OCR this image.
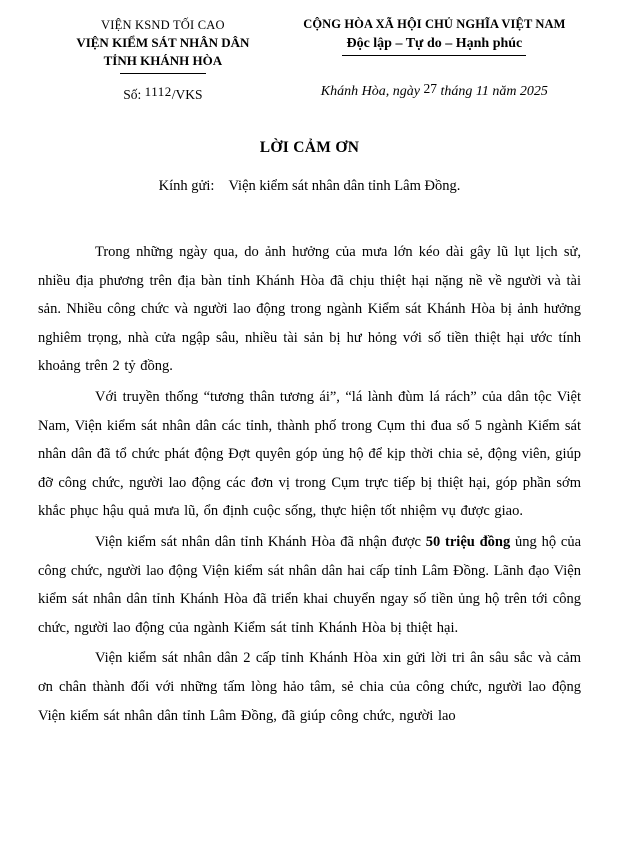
VIỆN KSND TỐI CAO
VIỆN KIỂM SÁT NHÂN DÂN
TỈNH KHÁNH HÒA
Số: 1112/VKS
CỘNG HÒA XÃ HỘI CHỦ NGHĨA VIỆT NAM
Độc lập – Tự do – Hạnh phúc
Khánh Hòa, ngày 27 tháng 11 năm 2025
LỜI CẢM ƠN
Kính gửi: Viện kiểm sát nhân dân tỉnh Lâm Đồng.

Trong những ngày qua, do ảnh hưởng của mưa lớn kéo dài gây lũ lụt lịch sử, nhiều địa phương trên địa bàn tỉnh Khánh Hòa đã chịu thiệt hại nặng nề về người và tài sản. Nhiều công chức và người lao động trong ngành Kiểm sát Khánh Hòa bị ảnh hưởng nghiêm trọng, nhà cửa ngập sâu, nhiều tài sản bị hư hỏng với số tiền thiệt hại ước tính khoảng trên 2 tỷ đồng.

Với truyền thống “tương thân tương ái”, “lá lành đùm lá rách” của dân tộc Việt Nam, Viện kiểm sát nhân dân các tỉnh, thành phố trong Cụm thi đua số 5 ngành Kiểm sát nhân dân đã tổ chức phát động Đợt quyên góp ủng hộ để kịp thời chia sẻ, động viên, giúp đỡ công chức, người lao động các đơn vị trong Cụm trực tiếp bị thiệt hại, góp phần sớm khắc phục hậu quả mưa lũ, ổn định cuộc sống, thực hiện tốt nhiệm vụ được giao.

Viện kiểm sát nhân dân tỉnh Khánh Hòa đã nhận được 50 triệu đồng ủng hộ của công chức, người lao động Viện kiểm sát nhân dân hai cấp tỉnh Lâm Đồng. Lãnh đạo Viện kiểm sát nhân dân tỉnh Khánh Hòa đã triển khai chuyển ngay số tiền ủng hộ trên tới công chức, người lao động của ngành Kiểm sát tỉnh Khánh Hòa bị thiệt hại.

Viện kiểm sát nhân dân 2 cấp tỉnh Khánh Hòa xin gửi lời tri ân sâu sắc và cảm ơn chân thành đối với những tấm lòng hảo tâm, sẻ chia của công chức, người lao động Viện kiểm sát nhân dân tỉnh Lâm Đồng, đã giúp công chức, người lao
